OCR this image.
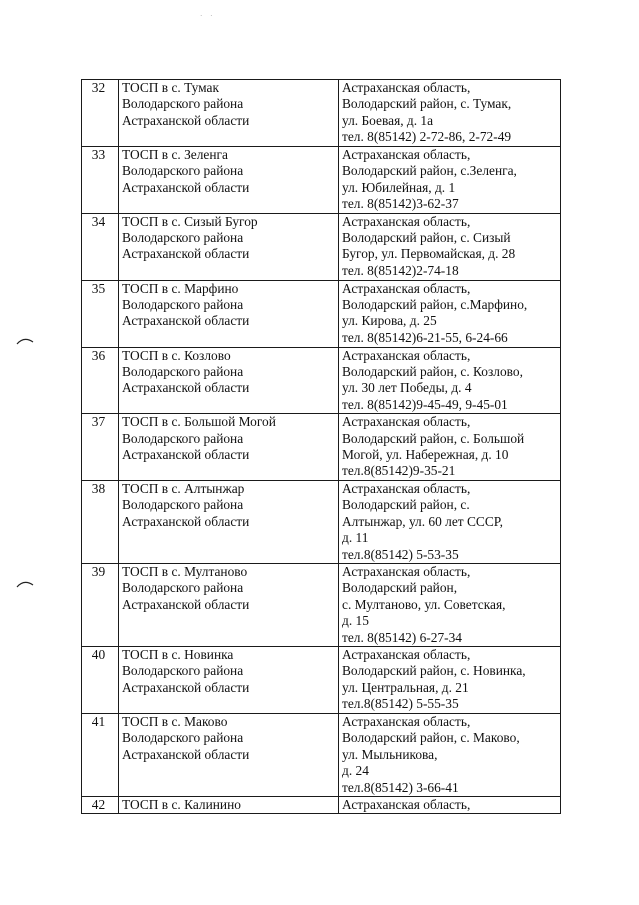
· ·
32	ТОСП в с. Тумак
Володарского района
Астраханской области	Астраханская область,
Володарский район, с. Тумак,
ул. Боевая, д. 1а
тел. 8(85142) 2-72-86, 2-72-49

33	ТОСП в с. Зеленга
Володарского района
Астраханской области	Астраханская область,
Володарский район, с.Зеленга,
ул. Юбилейная, д. 1
тел. 8(85142)3-62-37

34	ТОСП в с. Сизый Бугор
Володарского района
Астраханской области	Астраханская область,
Володарский район, с. Сизый
Бугор, ул. Первомайская, д. 28
тел. 8(85142)2-74-18

35	ТОСП в с. Марфино
Володарского района
Астраханской области	Астраханская область,
Володарский район, с.Марфино,
ул. Кирова, д. 25
тел. 8(85142)6-21-55, 6-24-66

36	ТОСП в с. Козлово
Володарского района
Астраханской области	Астраханская область,
Володарский район, с. Козлово,
ул. 30 лет Победы, д. 4
тел. 8(85142)9-45-49, 9-45-01

37	ТОСП в с. Большой Могой
Володарского района
Астраханской области	Астраханская область,
Володарский район, с. Большой
Могой, ул. Набережная, д. 10
тел.8(85142)9-35-21

38	ТОСП в с. Алтынжар
Володарского района
Астраханской области	Астраханская область,
Володарский район, с.
Алтынжар, ул. 60 лет СССР,
д. 11
тел.8(85142) 5-53-35

39	ТОСП в с. Мултаново
Володарского района
Астраханской области	Астраханская область,
Володарский район,
с. Мултаново, ул. Советская,
д. 15
тел. 8(85142) 6-27-34

40	ТОСП в с. Новинка
Володарского района
Астраханской области	Астраханская область,
Володарский район, с. Новинка,
ул. Центральная, д. 21
тел.8(85142) 5-55-35

41	ТОСП в с. Маково
Володарского района
Астраханской области	Астраханская область,
Володарский район, с. Маково,
ул. Мыльникова,
д. 24
тел.8(85142) 3-66-41

42	ТОСП в с. Калинино	Астраханская область,
